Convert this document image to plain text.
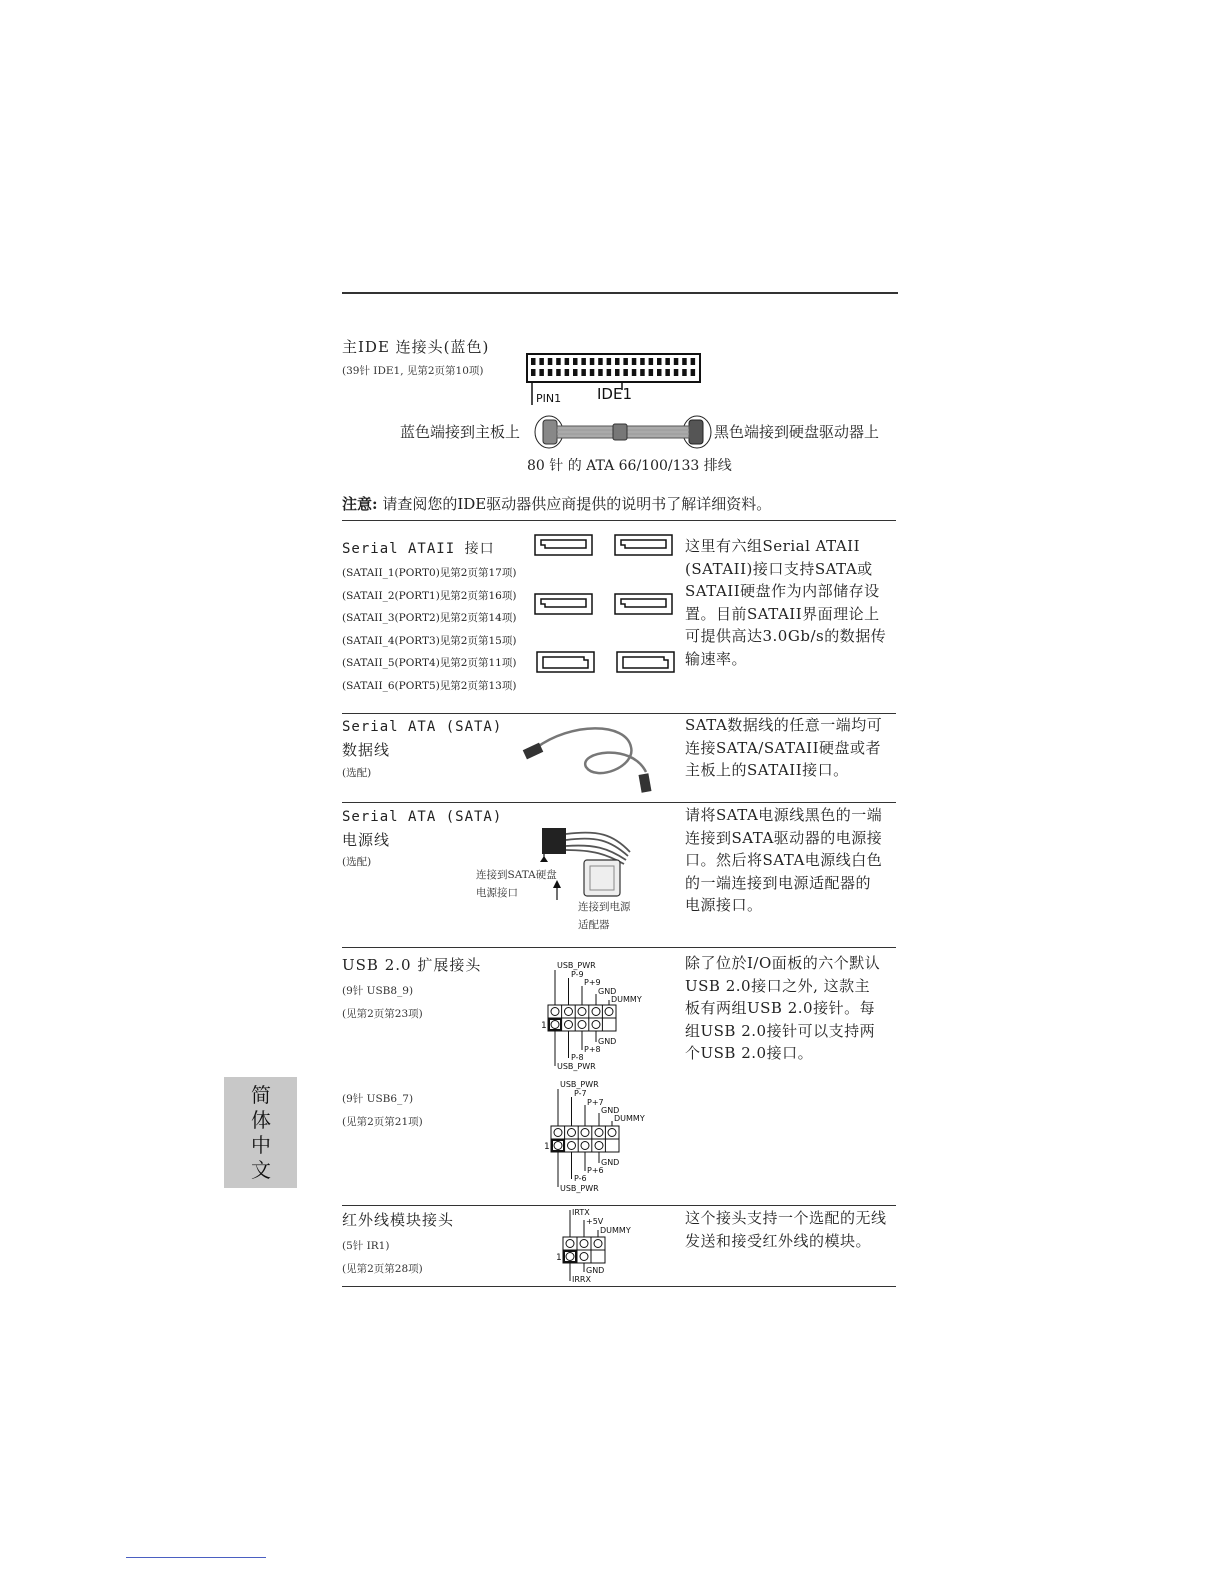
主IDE 连接头(蓝色)
(39针 IDE1, 见第2页第10项)
PIN1 IDE1
蓝色端接到主板上	黑色端接到硬盘驱动器上
80 针 的 ATA 66/100/133 排线
注意: 请查阅您的IDE驱动器供应商提供的说明书了解详细资料。
Serial ATAII 接口
(SATAII_1(PORT0)见第2页第17项)
(SATAII_2(PORT1)见第2页第16项)
(SATAII_3(PORT2)见第2页第14项)
(SATAII_4(PORT3)见第2页第15项)
(SATAII_5(PORT4)见第2页第11项)
(SATAII_6(PORT5)见第2页第13项)
这里有六组Serial ATAII (SATAII)接口支持SATA或SATAII硬盘作为内部储存设置。目前SATAII界面理论上可提供高达3.0Gb/s的数据传输速率。
Serial ATA (SATA)
数据线
(选配)
SATA数据线的任意一端均可连接SATA/SATAII硬盘或者主板上的SATAII接口。
Serial ATA (SATA)
电源线
(选配)
连接到SATA硬盘
电源接口
连接到电源
适配器
请将SATA电源线黑色的一端连接到SATA驱动器的电源接口。然后将SATA电源线白色的一端连接到电源适配器的电源接口。
USB 2.0 扩展接头
(9针 USB8_9)
(见第2页第23项)
(9针 USB6_7)
(见第2页第21项)
USB_PWR
P-9
P+9
GND
DUMMY
GND
P+8
P-8
USB_PWR
1
除了位於I/O面板的六个默认USB 2.0接口之外, 这款主板有两组USB 2.0接针。每组USB 2.0接针可以支持两个USB 2.0接口。
USB_PWR
P-7
P+7
GND
DUMMY
GND
P+6
P-6
USB_PWR
1
红外线模块接头
(5针 IR1)
(见第2页第28项)
IRTX
+5V
DUMMY
GND
IRRX
1
这个接头支持一个选配的无线发送和接受红外线的模块。
简体中文
